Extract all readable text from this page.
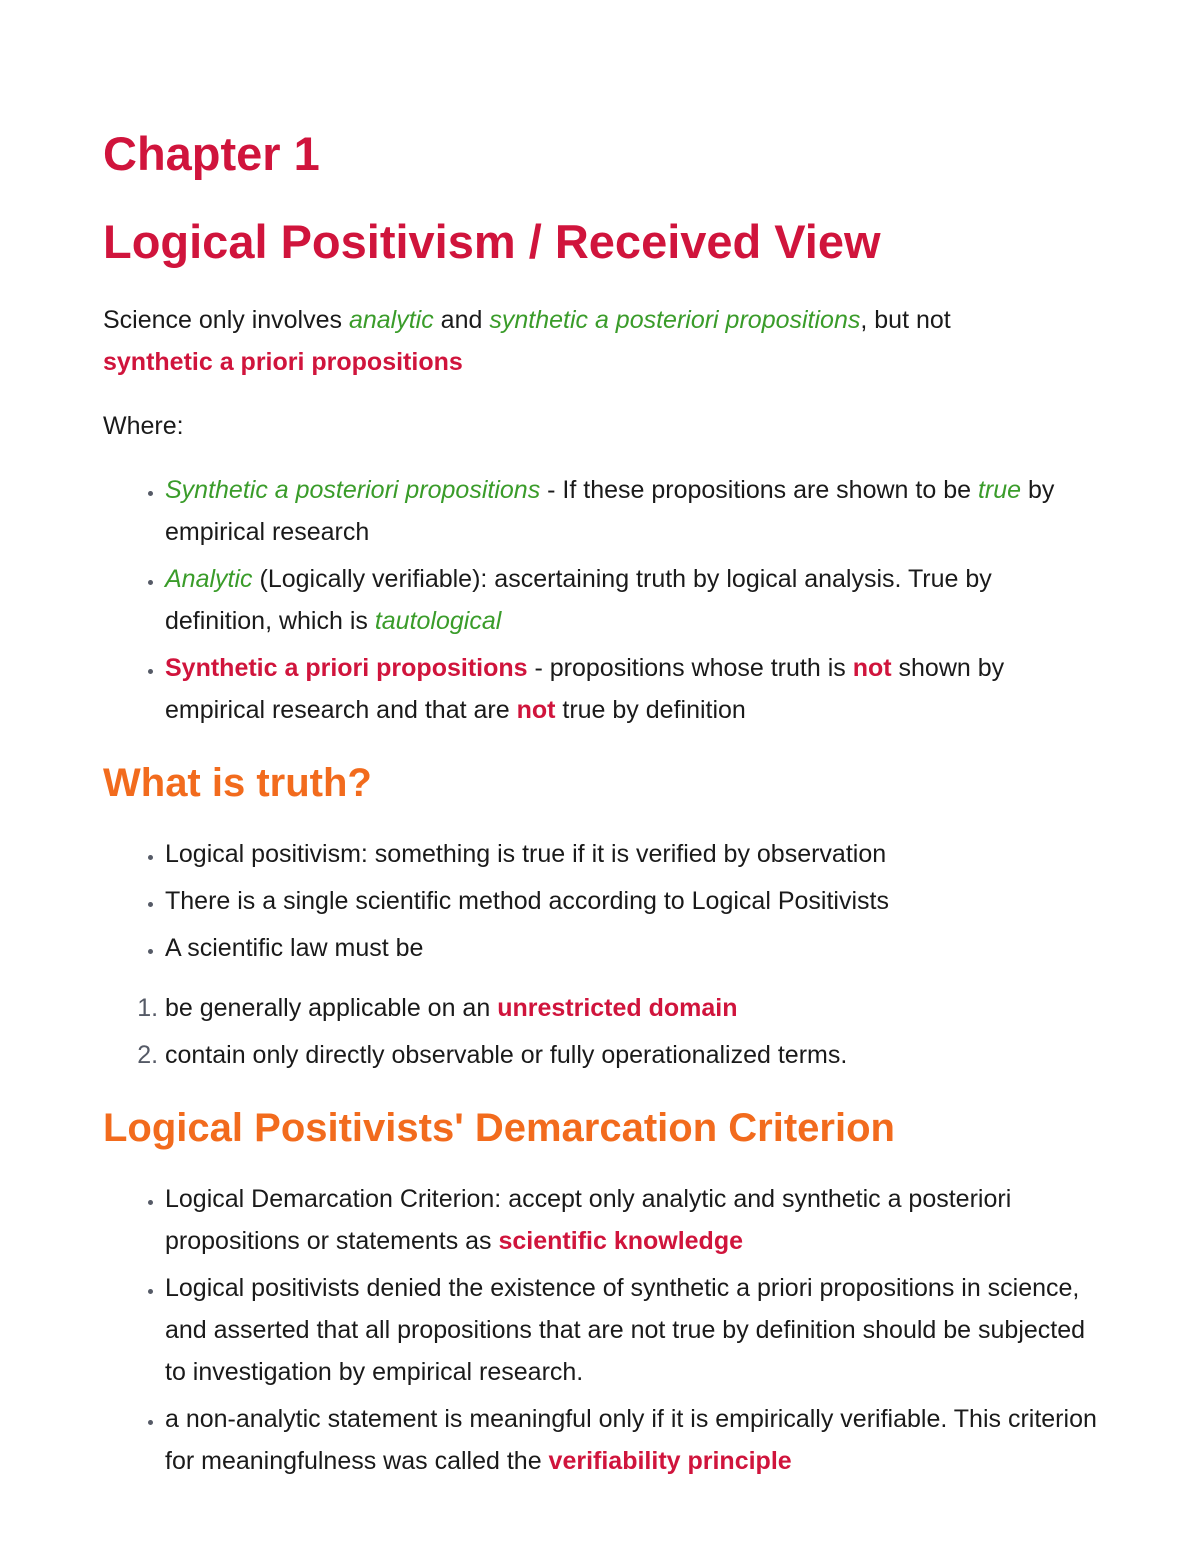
Chapter 1
Logical Positivism / Received View

Science only involves analytic and synthetic a posteriori propositions, but not
synthetic a priori propositions

Where:

• Synthetic a posteriori propositions - If these propositions are shown to be true by empirical research
• Analytic (Logically verifiable): ascertaining truth by logical analysis. True by definition, which is tautological
• Synthetic a priori propositions - propositions whose truth is not shown by empirical research and that are not true by definition
What is truth?
• Logical positivism: something is true if it is verified by observation
• There is a single scientific method according to Logical Positivists
• A scientific law must be
1. be generally applicable on an unrestricted domain
2. contain only directly observable or fully operationalized terms.
Logical Positivists' Demarcation Criterion
• Logical Demarcation Criterion: accept only analytic and synthetic a posteriori propositions or statements as scientific knowledge
• Logical positivists denied the existence of synthetic a priori propositions in science, and asserted that all propositions that are not true by definition should be subjected to investigation by empirical research.
• a non-analytic statement is meaningful only if it is empirically verifiable. This criterion for meaningfulness was called the verifiability principle
